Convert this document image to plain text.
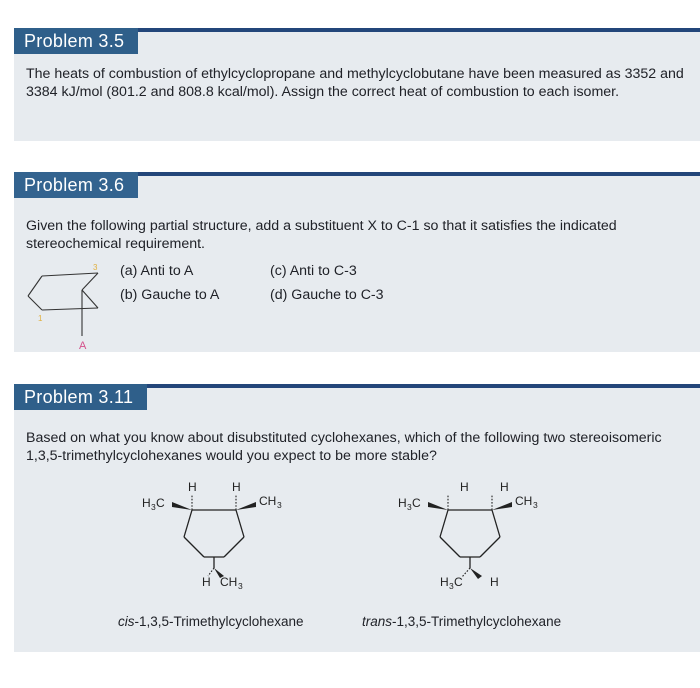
Problem 3.5
The heats of combustion of ethylcyclopropane and methylcyclobutane have been measured as 3352 and 3384 kJ/mol (801.2 and 808.8 kcal/mol). Assign the correct heat of combustion to each isomer.
Problem 3.6
Given the following partial structure, add a substituent X to C-1 so that it satisfies the indicated stereochemical requirement.
3
1
A
(a) Anti to A
(b) Gauche to A
(c) Anti to C-3
(d) Gauche to C-3
Problem 3.11
Based on what you know about disubstituted cyclohexanes, which of the following two stereoisomeric 1,3,5-trimethylcyclohexanes would you expect to be more stable?
H	H
H 3 C	CH 3
H CH 3
H	H
H 3 C	CH 3
H 3 C H
cis-1,3,5-Trimethylcyclohexane	trans-1,3,5-Trimethylcyclohexane
